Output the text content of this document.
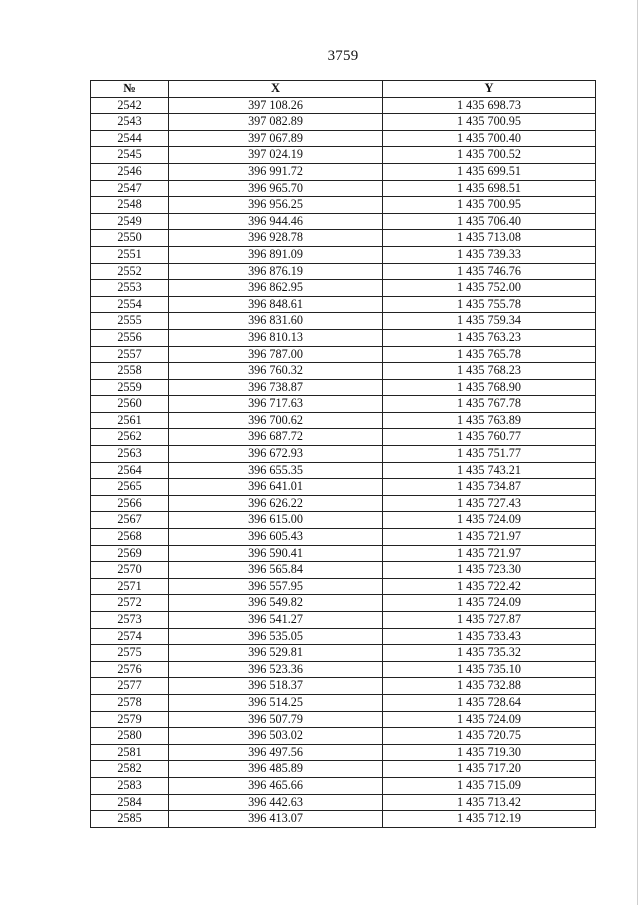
3759
№	X	Y
2542	397 108.26	1 435 698.73
2543	397 082.89	1 435 700.95
2544	397 067.89	1 435 700.40
2545	397 024.19	1 435 700.52
2546	396 991.72	1 435 699.51
2547	396 965.70	1 435 698.51
2548	396 956.25	1 435 700.95
2549	396 944.46	1 435 706.40
2550	396 928.78	1 435 713.08
2551	396 891.09	1 435 739.33
2552	396 876.19	1 435 746.76
2553	396 862.95	1 435 752.00
2554	396 848.61	1 435 755.78
2555	396 831.60	1 435 759.34
2556	396 810.13	1 435 763.23
2557	396 787.00	1 435 765.78
2558	396 760.32	1 435 768.23
2559	396 738.87	1 435 768.90
2560	396 717.63	1 435 767.78
2561	396 700.62	1 435 763.89
2562	396 687.72	1 435 760.77
2563	396 672.93	1 435 751.77
2564	396 655.35	1 435 743.21
2565	396 641.01	1 435 734.87
2566	396 626.22	1 435 727.43
2567	396 615.00	1 435 724.09
2568	396 605.43	1 435 721.97
2569	396 590.41	1 435 721.97
2570	396 565.84	1 435 723.30
2571	396 557.95	1 435 722.42
2572	396 549.82	1 435 724.09
2573	396 541.27	1 435 727.87
2574	396 535.05	1 435 733.43
2575	396 529.81	1 435 735.32
2576	396 523.36	1 435 735.10
2577	396 518.37	1 435 732.88
2578	396 514.25	1 435 728.64
2579	396 507.79	1 435 724.09
2580	396 503.02	1 435 720.75
2581	396 497.56	1 435 719.30
2582	396 485.89	1 435 717.20
2583	396 465.66	1 435 715.09
2584	396 442.63	1 435 713.42
2585	396 413.07	1 435 712.19
